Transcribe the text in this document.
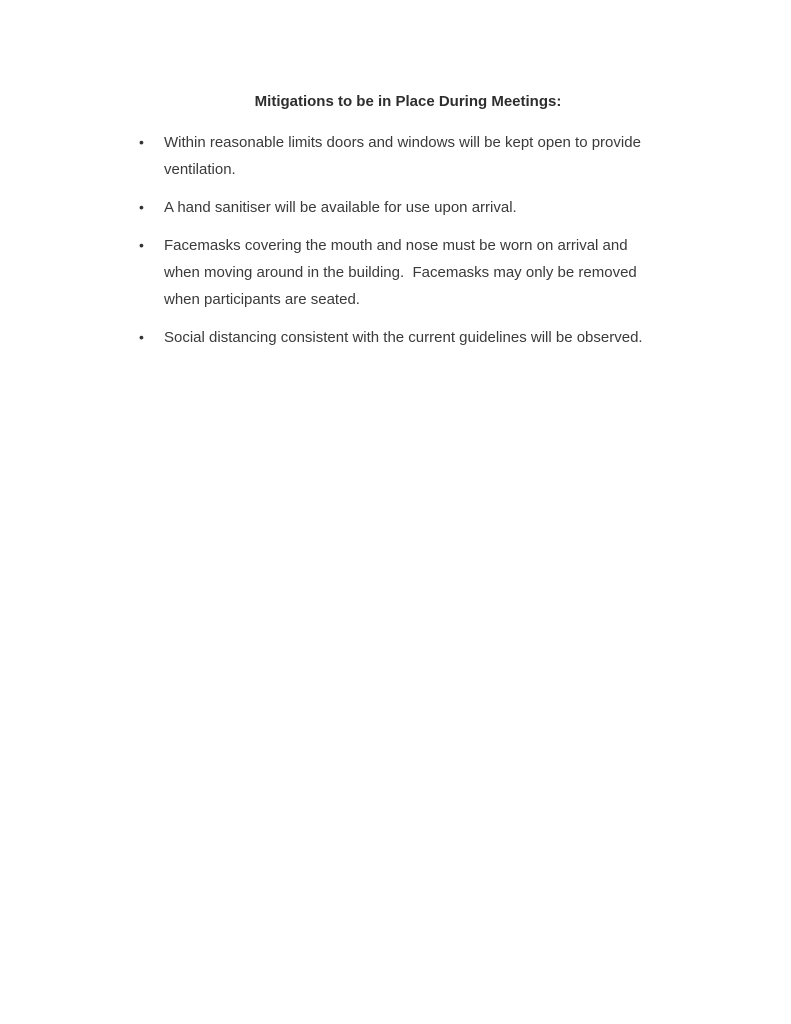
Mitigations to be in Place During Meetings:
•	Within reasonable limits doors and windows will be kept open to provide
ventilation.
•	A hand sanitiser will be available for use upon arrival.
•	Facemasks covering the mouth and nose must be worn on arrival and
when moving around in the building.  Facemasks may only be removed
when participants are seated.
•	Social distancing consistent with the current guidelines will be observed.
